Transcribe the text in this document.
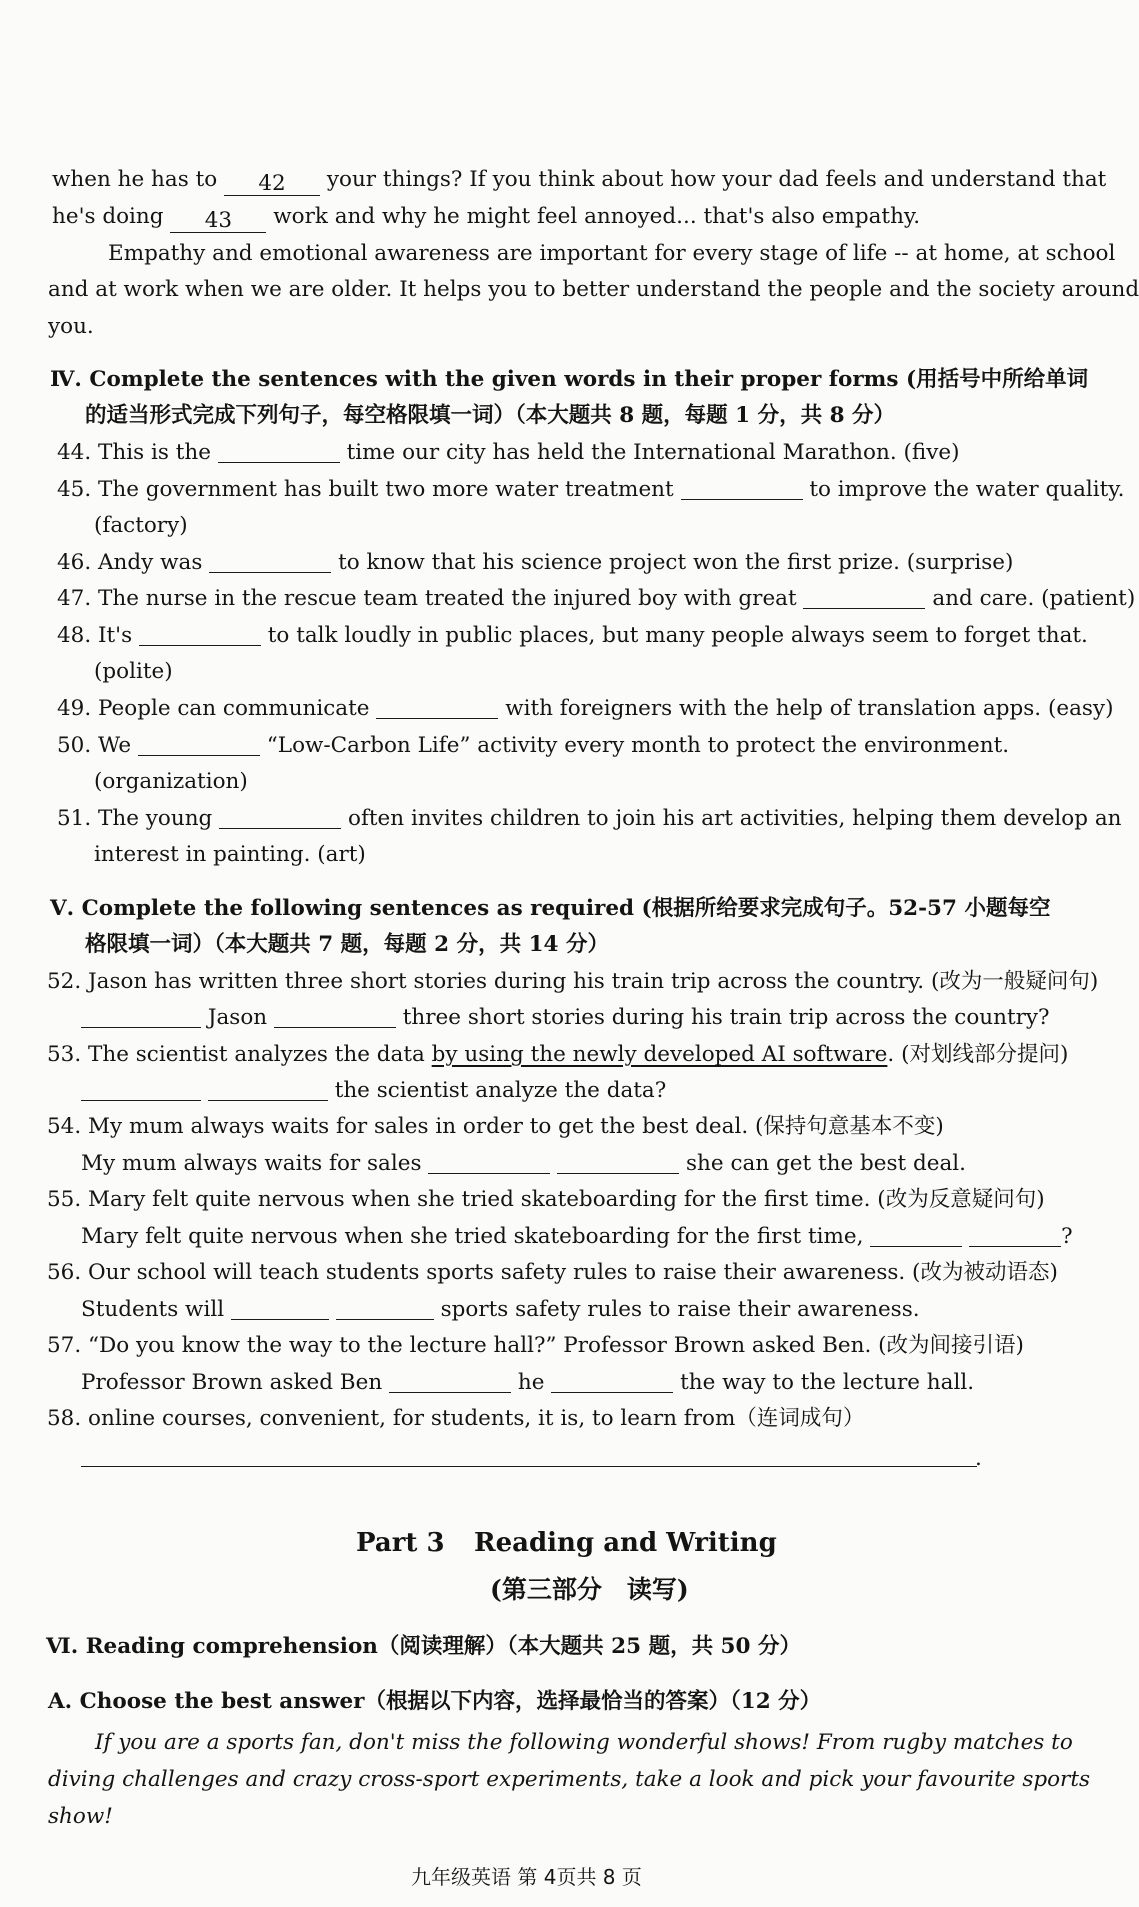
when he has to 42 your things? If you think about how your dad feels and understand that
he's doing 43 work and why he might feel annoyed... that's also empathy.
Empathy and emotional awareness are important for every stage of life -- at home, at school
and at work when we are older. It helps you to better understand the people and the society around
you.
Ⅳ. Complete the sentences with the given words in their proper forms (用括号中所给单词
的适当形式完成下列句子，每空格限填一词）（本大题共 8 题，每题 1 分，共 8 分）
44. This is the	time our city has held the International Marathon. (five)
45. The government has built two more water treatment	to improve the water quality.
(factory)
46. Andy was	to know that his science project won the first prize. (surprise)
47. The nurse in the rescue team treated the injured boy with great	and care. (patient)
48. It's	to talk loudly in public places, but many people always seem to forget that.
(polite)
49. People can communicate	with foreigners with the help of translation apps. (easy)
50. We	“Low-Carbon Life” activity every month to protect the environment.
(organization)
51. The young	often invites children to join his art activities, helping them develop an
interest in painting. (art)
Ⅴ. Complete the following sentences as required (根据所给要求完成句子。52-57 小题每空
格限填一词）（本大题共 7 题，每题 2 分，共 14 分）
52. Jason has written three short stories during his train trip across the country. (改为一般疑问句)
Jason	three short stories during his train trip across the country?
53. The scientist analyzes the data by using the newly developed AI software. (对划线部分提问)
the scientist analyze the data?
54. My mum always waits for sales in order to get the best deal. (保持句意基本不变)
My mum always waits for sales	she can get the best deal.
55. Mary felt quite nervous when she tried skateboarding for the first time. (改为反意疑问句)
Mary felt quite nervous when she tried skateboarding for the first time,	?
56. Our school will teach students sports safety rules to raise their awareness. (改为被动语态)
Students will	sports safety rules to raise their awareness.
57. “Do you know the way to the lecture hall?” Professor Brown asked Ben. (改为间接引语)
Professor Brown asked Ben	he	the way to the lecture hall.
58. online courses, convenient, for students, it is, to learn from（连词成句）
.
Part 3 Reading and Writing
(第三部分　读写)
Ⅵ. Reading comprehension（阅读理解）（本大题共 25 题，共 50 分）
A. Choose the best answer（根据以下内容，选择最恰当的答案）（12 分）
If you are a sports fan, don't miss the following wonderful shows! From rugby matches to
diving challenges and crazy cross-sport experiments, take a look and pick your favourite sports
show!
九年级英语 第 4页共 8 页
